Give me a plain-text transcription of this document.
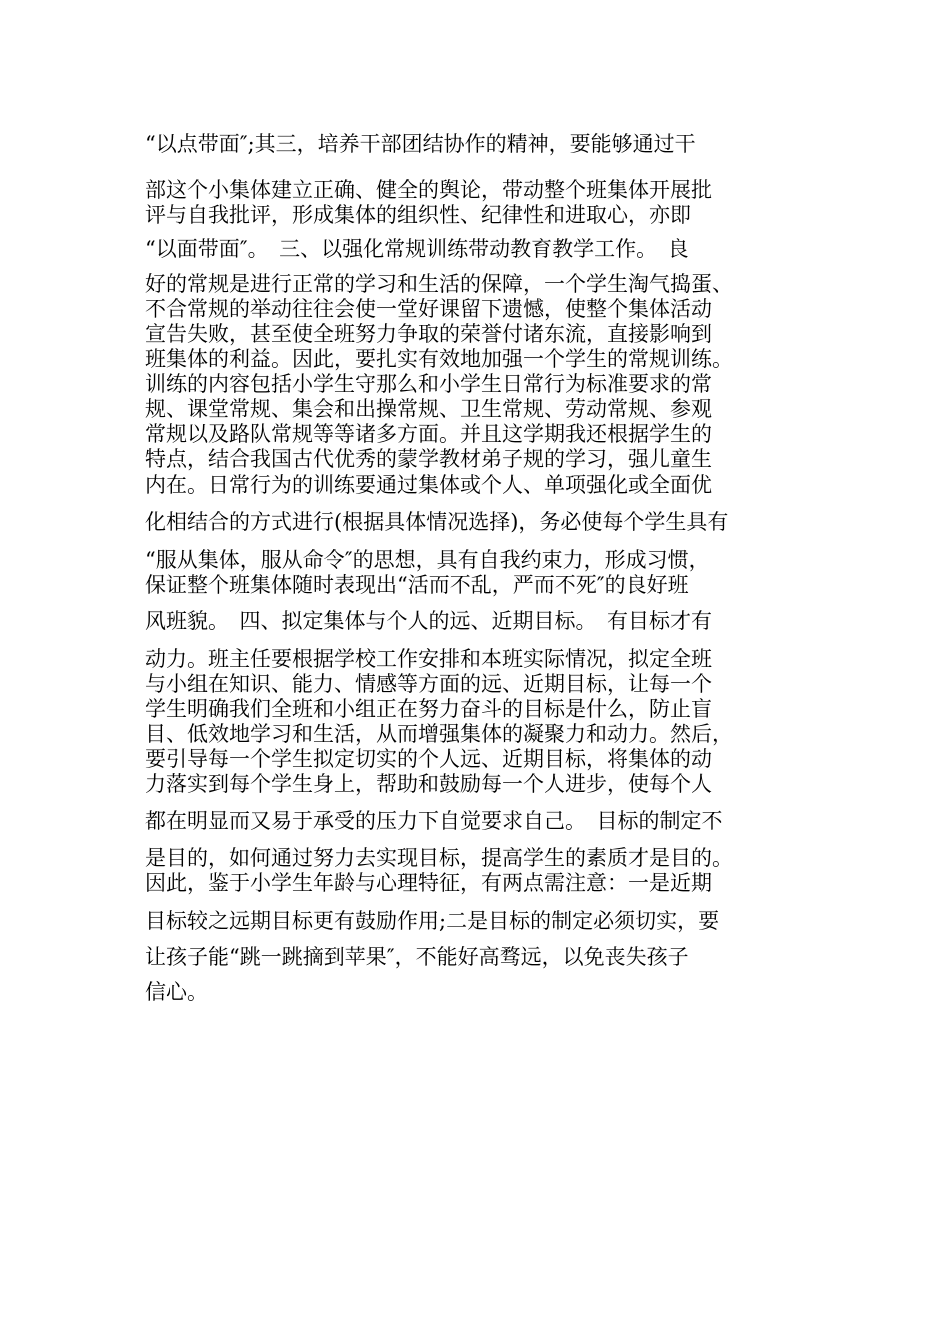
“以点带面″;其三，培养干部团结协作的精神，要能够通过干
部这个小集体建立正确、健全的舆论，带动整个班集体开展批
评与自我批评，形成集体的组织性、纪律性和进取心，亦即
“以面带面″。　三、以强化常规训练带动教育教学工作。　良
好的常规是进行正常的学习和生活的保障，一个学生淘气捣蛋、
不合常规的举动往往会使一堂好课留下遗憾，使整个集体活动
宣告失败，甚至使全班努力争取的荣誉付诸东流，直接影响到
班集体的利益。因此，要扎实有效地加强一个学生的常规训练。
训练的内容包括小学生守那么和小学生日常行为标准要求的常
规、课堂常规、集会和出操常规、卫生常规、劳动常规、参观
常规以及路队常规等等诸多方面。并且这学期我还根据学生的
特点，结合我国古代优秀的蒙学教材弟子规的学习，强儿童生
内在。日常行为的训练要通过集体或个人、单项强化或全面优
化相结合的方式进行(根据具体情况选择)，务必使每个学生具有
“服从集体，服从命令″的思想，具有自我约束力，形成习惯，
保证整个班集体随时表现出“活而不乱，严而不死″的良好班
风班貌。　四、拟定集体与个人的远、近期目标。　有目标才有
动力。班主任要根据学校工作安排和本班实际情况，拟定全班
与小组在知识、能力、情感等方面的远、近期目标，让每一个
学生明确我们全班和小组正在努力奋斗的目标是什么，防止盲
目、低效地学习和生活，从而增强集体的凝聚力和动力。然后，
要引导每一个学生拟定切实的个人远、近期目标，将集体的动
力落实到每个学生身上，帮助和鼓励每一个人进步，使每个人
都在明显而又易于承受的压力下自觉要求自己。　目标的制定不
是目的，如何通过努力去实现目标，提高学生的素质才是目的。
因此，鉴于小学生年龄与心理特征，有两点需注意：一是近期
目标较之远期目标更有鼓励作用;二是目标的制定必须切实，要
让孩子能“跳一跳摘到苹果″，不能好高骛远，以免丧失孩子
信心。
